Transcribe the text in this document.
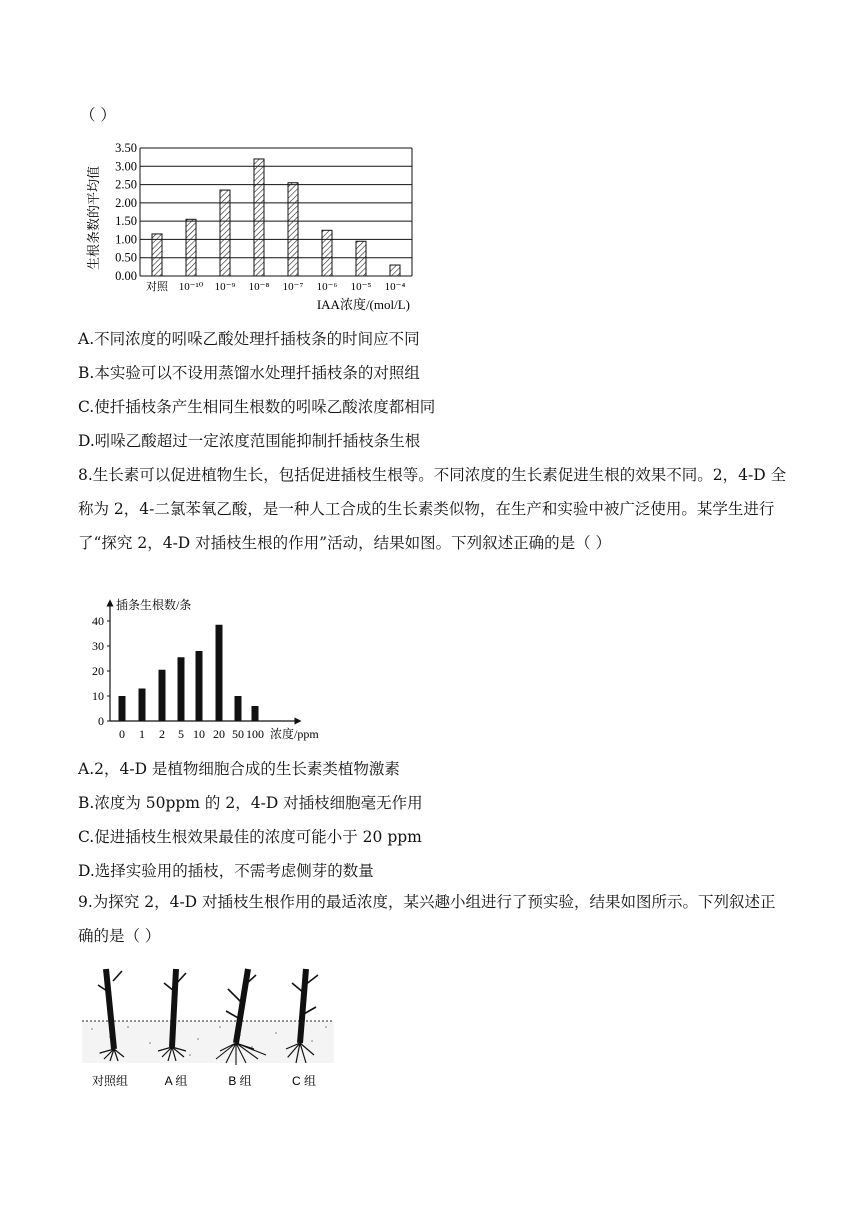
（ ）
0.00
0.50
1.00
1.50
2.00
2.50
3.00
3.50
对照 10⁻¹⁰ 10⁻⁹ 10⁻⁸ 10⁻⁷ 10⁻⁶ 10⁻⁵ 10⁻⁴
生根条数的平均值
IAA浓度/(mol/L)
A.不同浓度的吲哚乙酸处理扦插枝条的时间应不同
B.本实验可以不设用蒸馏水处理扦插枝条的对照组
C.使扦插枝条产生相同生根数的吲哚乙酸浓度都相同
D.吲哚乙酸超过一定浓度范围能抑制扦插枝条生根
8.生长素可以促进植物生长，包括促进插枝生根等。不同浓度的生长素促进生根的效果不同。2，4-D 全称为 2，4-二氯苯氧乙酸，是一种人工合成的生长素类似物，在生产和实验中被广泛使用。某学生进行了“探究 2，4-D 对插枝生根的作用”活动，结果如图。下列叙述正确的是（ ）
0
10
20
30
40
0 1 2 5 10 20 50 100
插条生根数/条
浓度/ppm
A.2，4-D 是植物细胞合成的生长素类植物激素
B.浓度为 50ppm 的 2，4-D 对插枝细胞毫无作用
C.促进插枝生根效果最佳的浓度可能小于 20 ppm
D.选择实验用的插枝，不需考虑侧芽的数量
9.为探究 2，4-D 对插枝生根作用的最适浓度，某兴趣小组进行了预实验，结果如图所示。下列叙述正确的是（ ）
对照组	A 组	B 组	C 组
